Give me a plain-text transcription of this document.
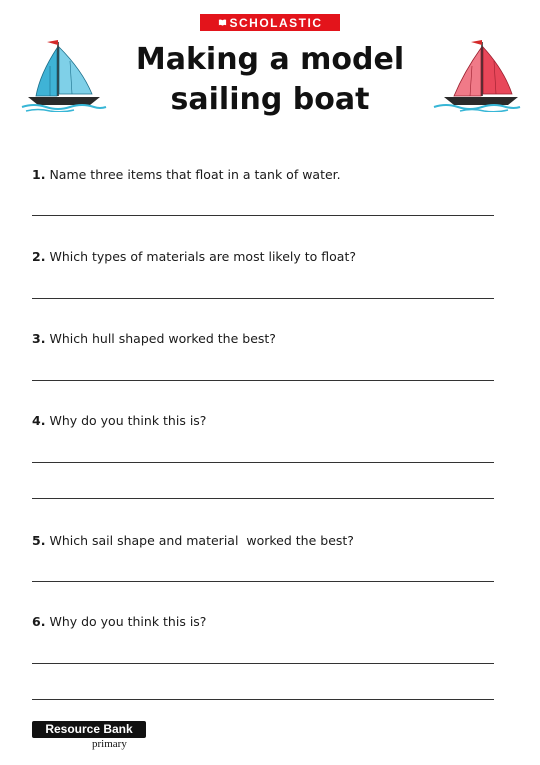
SCHOLASTIC
Making a model
sailing boat
1. Name three items that float in a tank of water.
2. Which types of materials are most likely to float?
3. Which hull shaped worked the best?
4. Why do you think this is?
5. Which sail shape and material  worked the best?
6. Why do you think this is?
Resource Bank
primary
